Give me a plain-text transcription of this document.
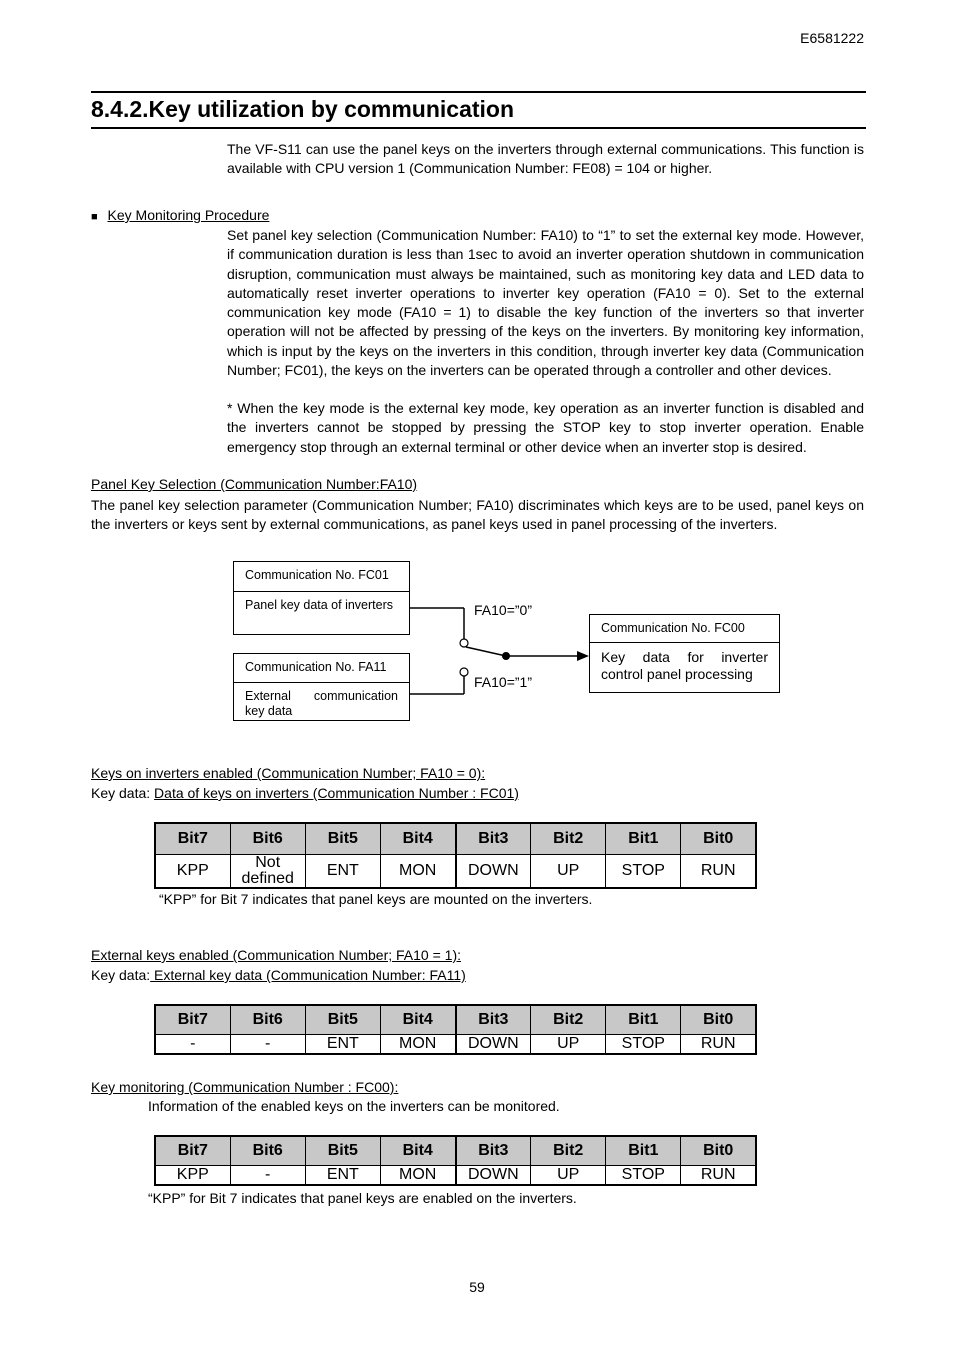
E6581222
8.4.2.Key utilization by communication
The VF-S11 can use the panel keys on the inverters through external communications. This function is available with CPU version 1 (Communication Number: FE08) = 104 or higher.
■ Key Monitoring Procedure
Set panel key selection (Communication Number: FA10) to “1” to set the external key mode. However, if communication duration is less than 1sec to avoid an inverter operation shutdown in communication disruption, communication must always be maintained, such as monitoring key data and LED data to automatically reset inverter operations to inverter key operation (FA10 = 0). Set to the external communication key mode (FA10 = 1) to disable the key function of the inverters so that inverter operation will not be affected by pressing of the keys on the inverters. By monitoring key information, which is input by the keys on the inverters in this condition, through inverter key data (Communication Number; FC01), the keys on the inverters can be operated through a controller and other devices.
* When the key mode is the external key mode, key operation as an inverter function is disabled and the inverters cannot be stopped by pressing the STOP key to stop inverter operation. Enable emergency stop through an external terminal or other device when an inverter stop is desired.
Panel Key Selection (Communication Number:FA10)
The panel key selection parameter (Communication Number; FA10) discriminates which keys are to be used, panel keys on the inverters or keys sent by external communications, as panel keys used in panel processing of the inverters.
Communication No. FC01
Panel key data of inverters
Communication No. FA11
External communication key data
Communication No. FC00
Key data for inverter control panel processing
FA10=”0”
FA10=”1”
Keys on inverters enabled (Communication Number; FA10 = 0):
Key data: Data of keys on inverters (Communication Number : FC01)
Bit7	Bit6	Bit5	Bit4	Bit3	Bit2	Bit1	Bit0
KPP	Not defined	ENT	MON	DOWN	UP	STOP	RUN
“KPP” for Bit 7 indicates that panel keys are mounted on the inverters.
External keys enabled (Communication Number; FA10 = 1):
Key data: External key data (Communication Number: FA11)
Bit7	Bit6	Bit5	Bit4	Bit3	Bit2	Bit1	Bit0
-	-	ENT	MON	DOWN	UP	STOP	RUN
Key monitoring (Communication Number : FC00):
Information of the enabled keys on the inverters can be monitored.
Bit7	Bit6	Bit5	Bit4	Bit3	Bit2	Bit1	Bit0
KPP	-	ENT	MON	DOWN	UP	STOP	RUN
“KPP” for Bit 7 indicates that panel keys are enabled on the inverters.
59
